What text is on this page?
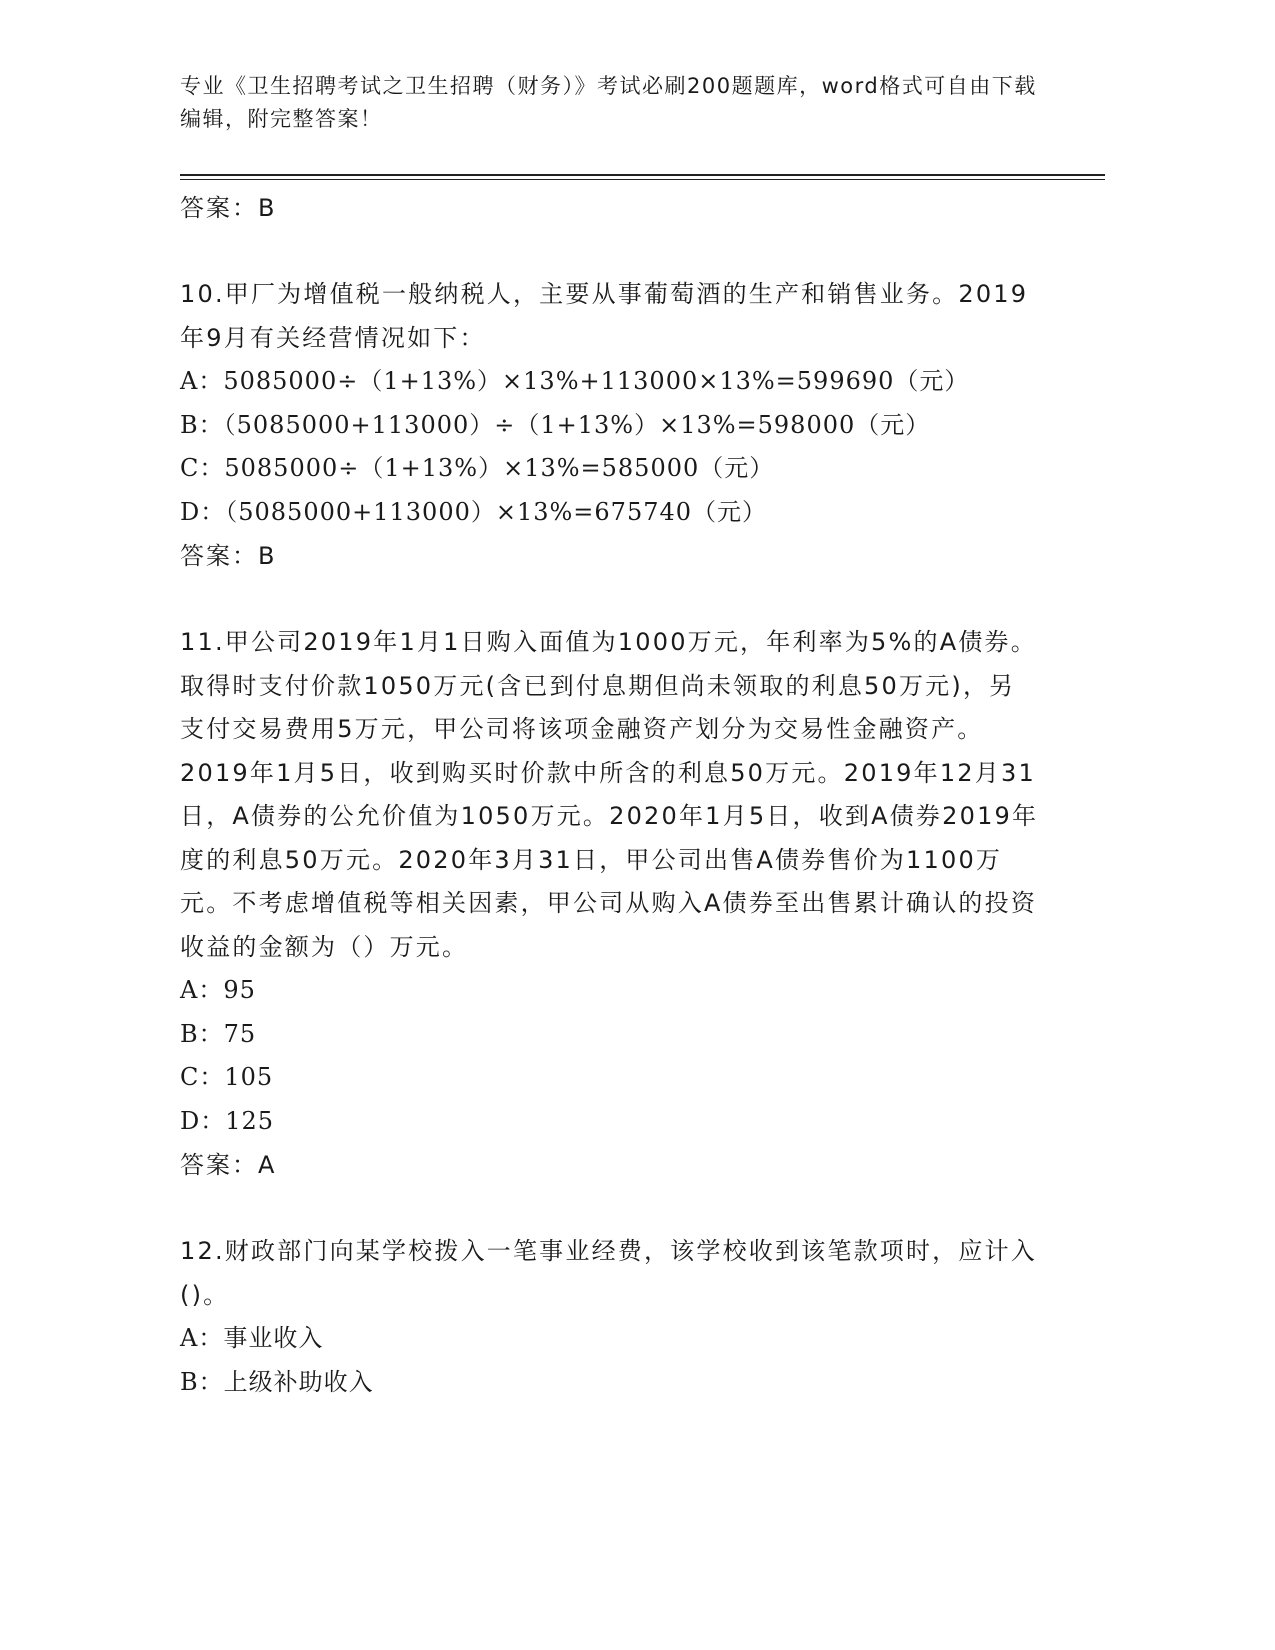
专业《卫生招聘考试之卫生招聘（财务）》考试必刷200题题库，word格式可自由下载编辑，附完整答案！

答案：B
10.甲厂为增值税一般纳税人，主要从事葡萄酒的生产和销售业务。2019年9月有关经营情况如下：
A：5085000÷（1+13%）×13%+113000×13%=599690（元）
B：（5085000+113000）÷（1+13%）×13%=598000（元）
C：5085000÷（1+13%）×13%=585000（元）
D：（5085000+113000）×13%=675740（元）
答案：B
11.甲公司2019年1月1日购入面值为1000万元，年利率为5%的A债券。取得时支付价款1050万元(含已到付息期但尚未领取的利息50万元)，另支付交易费用5万元，甲公司将该项金融资产划分为交易性金融资产。2019年1月5日，收到购买时价款中所含的利息50万元。2019年12月31日，A债券的公允价值为1050万元。2020年1月5日，收到A债券2019年度的利息50万元。2020年3月31日，甲公司出售A债券售价为1100万元。不考虑增值税等相关因素，甲公司从购入A债券至出售累计确认的投资收益的金额为（）万元。
A：95
B：75
C：105
D：125
答案：A
12.财政部门向某学校拨入一笔事业经费，该学校收到该笔款项时，应计入()。
A：事业收入
B：上级补助收入
